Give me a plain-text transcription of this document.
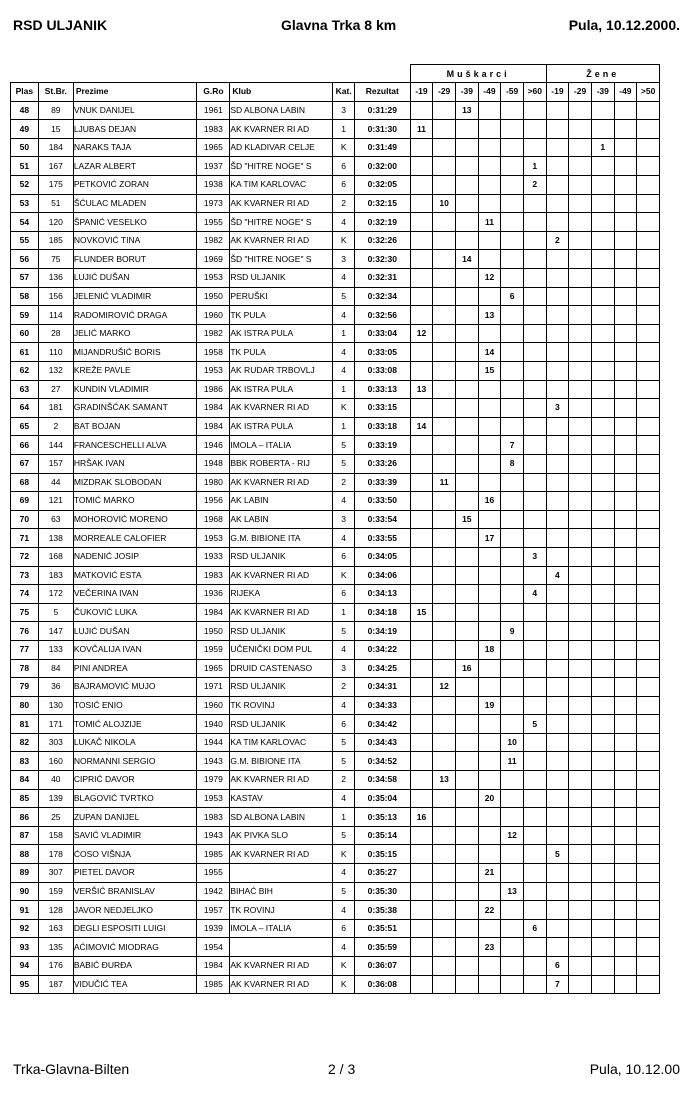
RSD ULJANIK	Glavna Trka 8 km	Pula, 10.12.2000.
							Muškarci						Žene				
Plas	St.Br.	Prezime	G.Ro	Klub	Kat.	Rezultat	-19	-29	-39	-49	-59	>60	-19	-29	-39	-49	>50
48	89	VNUK DANIJEL	1961	SD ALBONA LABIN	3	0:31:29			13								
49	15	LJUBAS DEJAN	1983	AK KVARNER RI AD	1	0:31:30	11										
50	184	NARAKS TAJA	1965	AD KLADIVAR CELJE	K	0:31:49									1		
51	167	LAZAR ALBERT	1937	ŠD "HITRE NOGE" S	6	0:32:00						1					
52	175	PETKOVIĆ ZORAN	1938	KA TIM KARLOVAC	6	0:32:05						2					
53	51	ŠĆULAC MLADEN	1973	AK KVARNER RI AD	2	0:32:15		10									
54	120	ŠPANIĆ VESELKO	1955	ŠD "HITRE NOGE" S	4	0:32:19				11							
55	185	NOVKOVIĆ TINA	1982	AK KVARNER RI AD	K	0:32:26							2				
56	75	FLUNDER BORUT	1969	ŠD "HITRE NOGE" S	3	0:32:30			14								
57	136	LUJIĆ DUŠAN	1953	RSD ULJANIK	4	0:32:31				12							
58	156	JELENIĆ VLADIMIR	1950	PERUŠKI	5	0:32:34					6						
59	114	RADOMIROVIĆ DRAGA	1960	TK PULA	4	0:32:56				13							
60	28	JELIĆ MARKO	1982	AK ISTRA PULA	1	0:33:04	12										
61	110	MIJANDRUŠIĆ BORIS	1958	TK PULA	4	0:33:05				14							
62	132	KREŽE PAVLE	1953	AK RUDAR TRBOVLJ	4	0:33:08				15							
63	27	KUNDIN VLADIMIR	1986	AK ISTRA PULA	1	0:33:13	13										
64	181	GRADINŠĆAK SAMANT	1984	AK KVARNER RI AD	K	0:33:15							3				
65	2	BAT BOJAN	1984	AK ISTRA PULA	1	0:33:18	14										
66	144	FRANCESCHELLI ALVA	1946	IMOLA – ITALIA	5	0:33:19					7						
67	157	HRŠAK IVAN	1948	BBK ROBERTA - RIJ	5	0:33:26					8						
68	44	MIZDRAK SLOBODAN	1980	AK KVARNER RI AD	2	0:33:39		11									
69	121	TOMIĆ MARKO	1956	AK LABIN	4	0:33:50				16							
70	63	MOHOROVIĆ MORENO	1968	AK LABIN	3	0:33:54			15								
71	138	MORREALE CALOFIER	1953	G.M. BIBIONE ITA	4	0:33:55				17							
72	168	NADENIĆ JOSIP	1933	RSD ULJANIK	6	0:34:05						3					
73	183	MATKOVIĆ ESTA	1983	AK KVARNER RI AD	K	0:34:06							4				
74	172	VEČERINA IVAN	1936	RIJEKA	6	0:34:13						4					
75	5	ČUKOVIĆ LUKA	1984	AK KVARNER RI AD	1	0:34:18	15										
76	147	LUJIĆ DUŠAN	1950	RSD ULJANIK	5	0:34:19					9						
77	133	KOVČALIJA IVAN	1959	UČENIČKI DOM PUL	4	0:34:22				18							
78	84	PINI ANDREA	1965	DRUID CASTENASO	3	0:34:25			16								
79	36	BAJRAMOVIĆ MUJO	1971	RSD ULJANIK	2	0:34:31		12									
80	130	TOSIĆ ENIO	1960	TK ROVINJ	4	0:34:33				19							
81	171	TOMIĆ ALOJZIJE	1940	RSD ULJANIK	6	0:34:42						5					
82	303	LUKAČ NIKOLA	1944	KA TIM KARLOVAC	5	0:34:43					10						
83	160	NORMANNI SERGIO	1943	G.M. BIBIONE ITA	5	0:34:52					11						
84	40	CIPRIĆ DAVOR	1979	AK KVARNER RI AD	2	0:34:58		13									
85	139	BLAGOVIĆ TVRTKO	1953	KASTAV	4	0:35:04				20							
86	25	ZUPAN DANIJEL	1983	SD ALBONA LABIN	1	0:35:13	16										
87	158	SAVIĆ VLADIMIR	1943	AK PIVKA SLO	5	0:35:14					12						
88	178	ĆOSO VIŠNJA	1985	AK KVARNER RI AD	K	0:35:15							5				
89	307	PIETEL DAVOR	1955		4	0:35:27				21							
90	159	VERŠIĆ BRANISLAV	1942	BIHAĆ BIH	5	0:35:30					13						
91	128	JAVOR NEDJELJKO	1957	TK ROVINJ	4	0:35:38				22							
92	163	DEGLI ESPOSITI LUIGI	1939	IMOLA – ITALIA	6	0:35:51						6					
93	135	AĆIMOVIĆ MIODRAG	1954		4	0:35:59				23							
94	176	BABIĆ ĐURĐA	1984	AK KVARNER RI AD	K	0:36:07							6				
95	187	VIDUČIĆ TEA	1985	AK KVARNER RI AD	K	0:36:08							7				
Trka-Glavna-Bilten	2 / 3	Pula, 10.12.00
